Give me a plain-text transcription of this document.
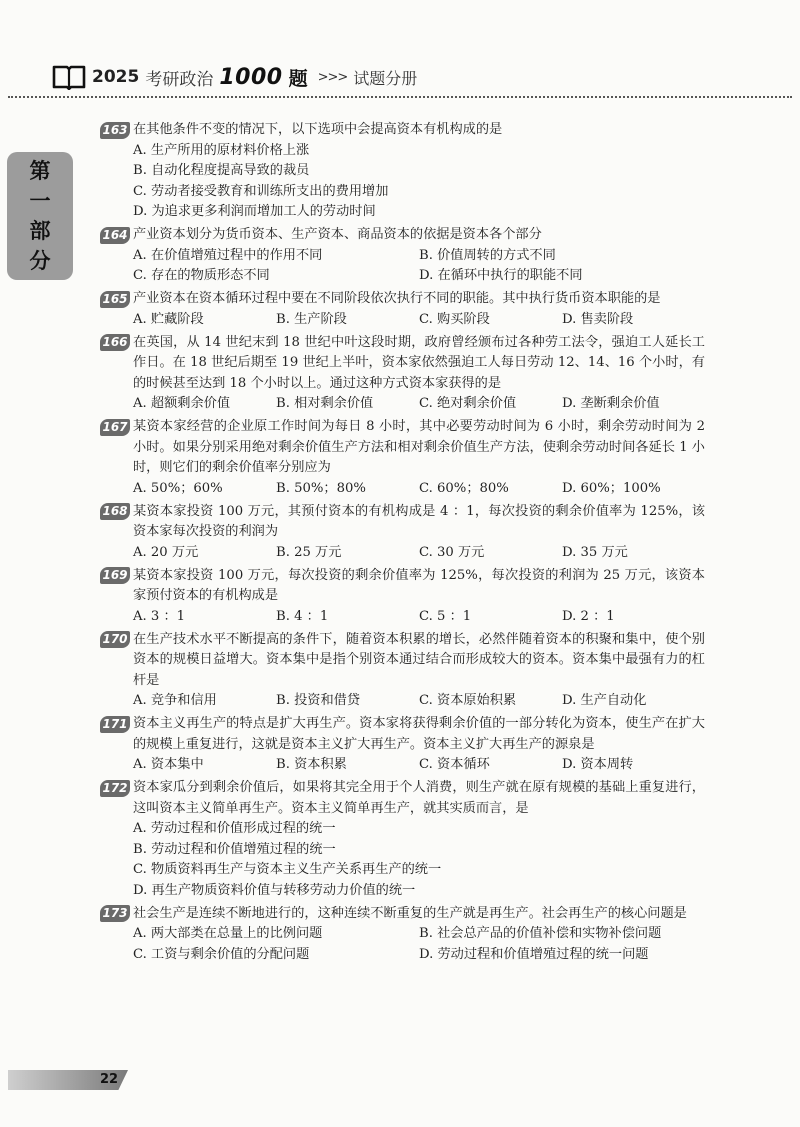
2025 考研政治 1000 题 >>> 试题分册
第
一
部
分
163 在其他条件不变的情况下，以下选项中会提高资本有机构成的是
A. 生产所用的原材料价格上涨
B. 自动化程度提高导致的裁员
C. 劳动者接受教育和训练所支出的费用增加
D. 为追求更多利润而增加工人的劳动时间
164 产业资本划分为货币资本、生产资本、商品资本的依据是资本各个部分
A. 在价值增殖过程中的作用不同	B. 价值周转的方式不同
C. 存在的物质形态不同	D. 在循环中执行的职能不同
165 产业资本在资本循环过程中要在不同阶段依次执行不同的职能。其中执行货币资本职能的是
A. 贮藏阶段	B. 生产阶段	C. 购买阶段	D. 售卖阶段
166 在英国，从 14 世纪末到 18 世纪中叶这段时期，政府曾经颁布过各种劳工法令，强迫工人延长工作日。在 18 世纪后期至 19 世纪上半叶，资本家依然强迫工人每日劳动 12、14、16 个小时，有的时候甚至达到 18 个小时以上。通过这种方式资本家获得的是
A. 超额剩余价值	B. 相对剩余价值	C. 绝对剩余价值	D. 垄断剩余价值
167 某资本家经营的企业原工作时间为每日 8 小时，其中必要劳动时间为 6 小时，剩余劳动时间为 2 小时。如果分别采用绝对剩余价值生产方法和相对剩余价值生产方法，使剩余劳动时间各延长 1 小时，则它们的剩余价值率分别应为
A. 50%；60%	B. 50%；80%	C. 60%；80%	D. 60%；100%
168 某资本家投资 100 万元，其预付资本的有机构成是 4 ：1，每次投资的剩余价值率为 125%，该资本家每次投资的利润为
A. 20 万元	B. 25 万元	C. 30 万元	D. 35 万元
169 某资本家投资 100 万元，每次投资的剩余价值率为 125%，每次投资的利润为 25 万元，该资本家预付资本的有机构成是
A. 3 ：1	B. 4 ：1	C. 5 ：1	D. 2 ：1
170 在生产技术水平不断提高的条件下，随着资本积累的增长，必然伴随着资本的积聚和集中，使个别资本的规模日益增大。资本集中是指个别资本通过结合而形成较大的资本。资本集中最强有力的杠杆是
A. 竞争和信用	B. 投资和借贷	C. 资本原始积累	D. 生产自动化
171 资本主义再生产的特点是扩大再生产。资本家将获得剩余价值的一部分转化为资本，使生产在扩大的规模上重复进行，这就是资本主义扩大再生产。资本主义扩大再生产的源泉是
A. 资本集中	B. 资本积累	C. 资本循环	D. 资本周转
172 资本家瓜分到剩余价值后，如果将其完全用于个人消费，则生产就在原有规模的基础上重复进行，这叫资本主义简单再生产。资本主义简单再生产，就其实质而言，是
A. 劳动过程和价值形成过程的统一
B. 劳动过程和价值增殖过程的统一
C. 物质资料再生产与资本主义生产关系再生产的统一
D. 再生产物质资料价值与转移劳动力价值的统一
173 社会生产是连续不断地进行的，这种连续不断重复的生产就是再生产。社会再生产的核心问题是
A. 两大部类在总量上的比例问题	B. 社会总产品的价值补偿和实物补偿问题
C. 工资与剩余价值的分配问题	D. 劳动过程和价值增殖过程的统一问题
22
